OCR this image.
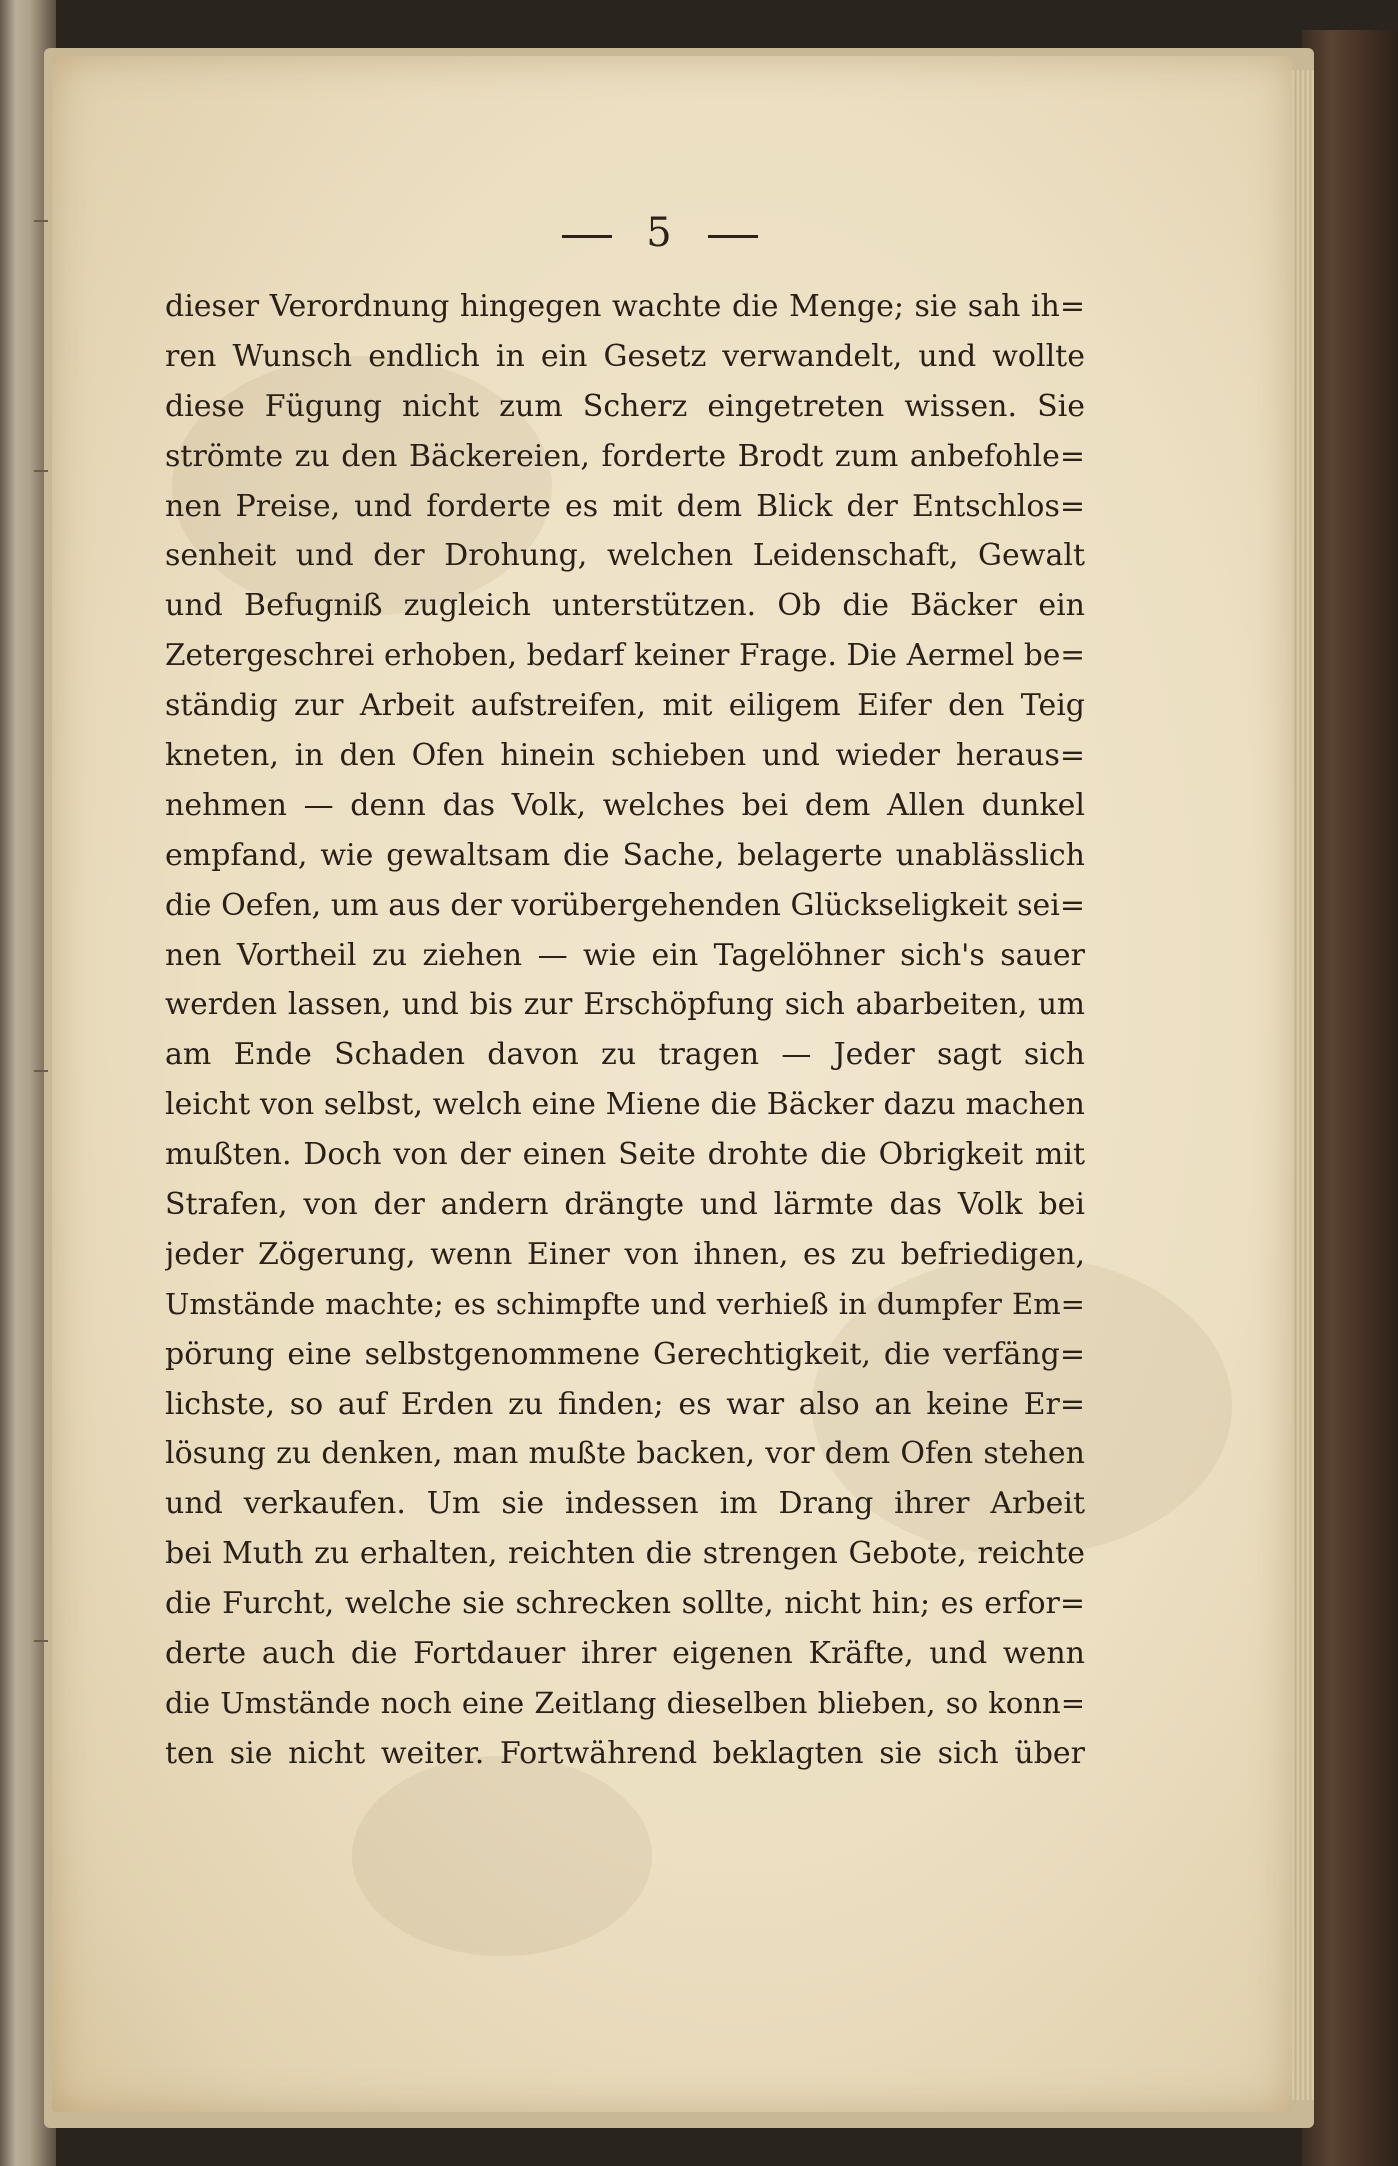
5
dieser Verordnung hingegen wachte die Menge; sie sah ih=
ren Wunsch endlich in ein Gesetz verwandelt, und wollte
diese Fügung nicht zum Scherz eingetreten wissen. Sie
strömte zu den Bäckereien, forderte Brodt zum anbefohle=
nen Preise, und forderte es mit dem Blick der Entschlos=
senheit und der Drohung, welchen Leidenschaft, Gewalt
und Befugniß zugleich unterstützen. Ob die Bäcker ein
Zetergeschrei erhoben, bedarf keiner Frage. Die Aermel be=
ständig zur Arbeit aufstreifen, mit eiligem Eifer den Teig
kneten, in den Ofen hinein schieben und wieder heraus=
nehmen — denn das Volk, welches bei dem Allen dunkel
empfand, wie gewaltsam die Sache, belagerte unablässlich
die Oefen, um aus der vorübergehenden Glückseligkeit sei=
nen Vortheil zu ziehen — wie ein Tagelöhner sich's sauer
werden lassen, und bis zur Erschöpfung sich abarbeiten, um
am Ende Schaden davon zu tragen — Jeder sagt sich
leicht von selbst, welch eine Miene die Bäcker dazu machen
mußten. Doch von der einen Seite drohte die Obrigkeit mit
Strafen, von der andern drängte und lärmte das Volk bei
jeder Zögerung, wenn Einer von ihnen, es zu befriedigen,
Umstände machte; es schimpfte und verhieß in dumpfer Em=
pörung eine selbstgenommene Gerechtigkeit, die verfäng=
lichste, so auf Erden zu finden; es war also an keine Er=
lösung zu denken, man mußte backen, vor dem Ofen stehen
und verkaufen. Um sie indessen im Drang ihrer Arbeit
bei Muth zu erhalten, reichten die strengen Gebote, reichte
die Furcht, welche sie schrecken sollte, nicht hin; es erfor=
derte auch die Fortdauer ihrer eigenen Kräfte, und wenn
die Umstände noch eine Zeitlang dieselben blieben, so konn=
ten sie nicht weiter. Fortwährend beklagten sie sich über
